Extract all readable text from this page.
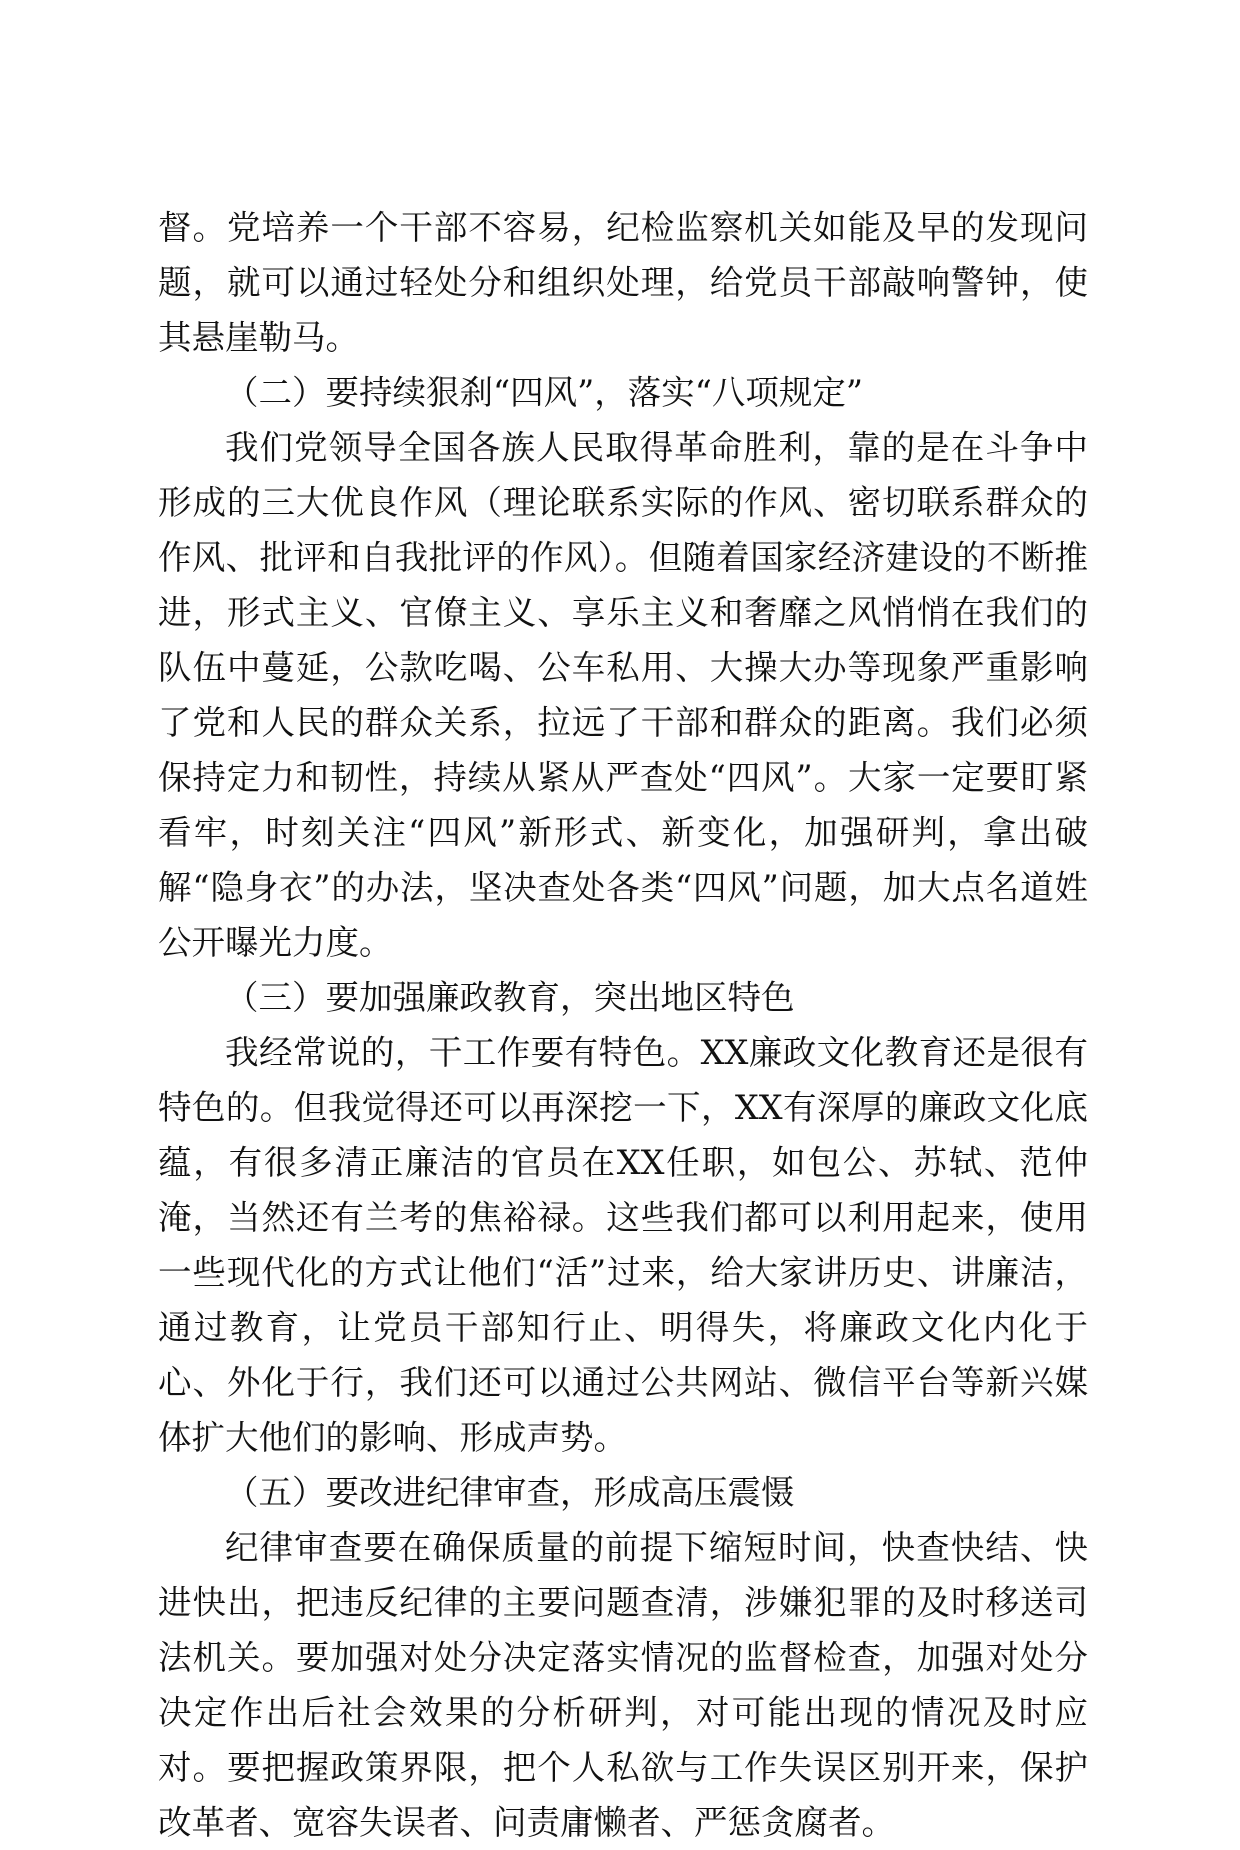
督。党培养一个干部不容易，纪检监察机关如能及早的发现问题，就可以通过轻处分和组织处理，给党员干部敲响警钟，使其悬崖勒马。

（二）要持续狠刹“四风”，落实“八项规定”

我们党领导全国各族人民取得革命胜利，靠的是在斗争中形成的三大优良作风（理论联系实际的作风、密切联系群众的作风、批评和自我批评的作风）。但随着国家经济建设的不断推进，形式主义、官僚主义、享乐主义和奢靡之风悄悄在我们的队伍中蔓延，公款吃喝、公车私用、大操大办等现象严重影响了党和人民的群众关系，拉远了干部和群众的距离。我们必须保持定力和韧性，持续从紧从严查处“四风”。大家一定要盯紧看牢，时刻关注“四风”新形式、新变化，加强研判，拿出破解“隐身衣”的办法，坚决查处各类“四风”问题，加大点名道姓公开曝光力度。

（三）要加强廉政教育，突出地区特色

我经常说的，干工作要有特色。XX廉政文化教育还是很有特色的。但我觉得还可以再深挖一下，XX有深厚的廉政文化底蕴，有很多清正廉洁的官员在XX任职，如包公、苏轼、范仲淹，当然还有兰考的焦裕禄。这些我们都可以利用起来，使用一些现代化的方式让他们“活”过来，给大家讲历史、讲廉洁，通过教育，让党员干部知行止、明得失，将廉政文化内化于心、外化于行，我们还可以通过公共网站、微信平台等新兴媒体扩大他们的影响、形成声势。

（五）要改进纪律审查，形成高压震慑

纪律审查要在确保质量的前提下缩短时间，快查快结、快进快出，把违反纪律的主要问题查清，涉嫌犯罪的及时移送司法机关。要加强对处分决定落实情况的监督检查，加强对处分决定作出后社会效果的分析研判，对可能出现的情况及时应对。要把握政策界限，把个人私欲与工作失误区别开来，保护改革者、宽容失误者、问责庸懒者、严惩贪腐者。
